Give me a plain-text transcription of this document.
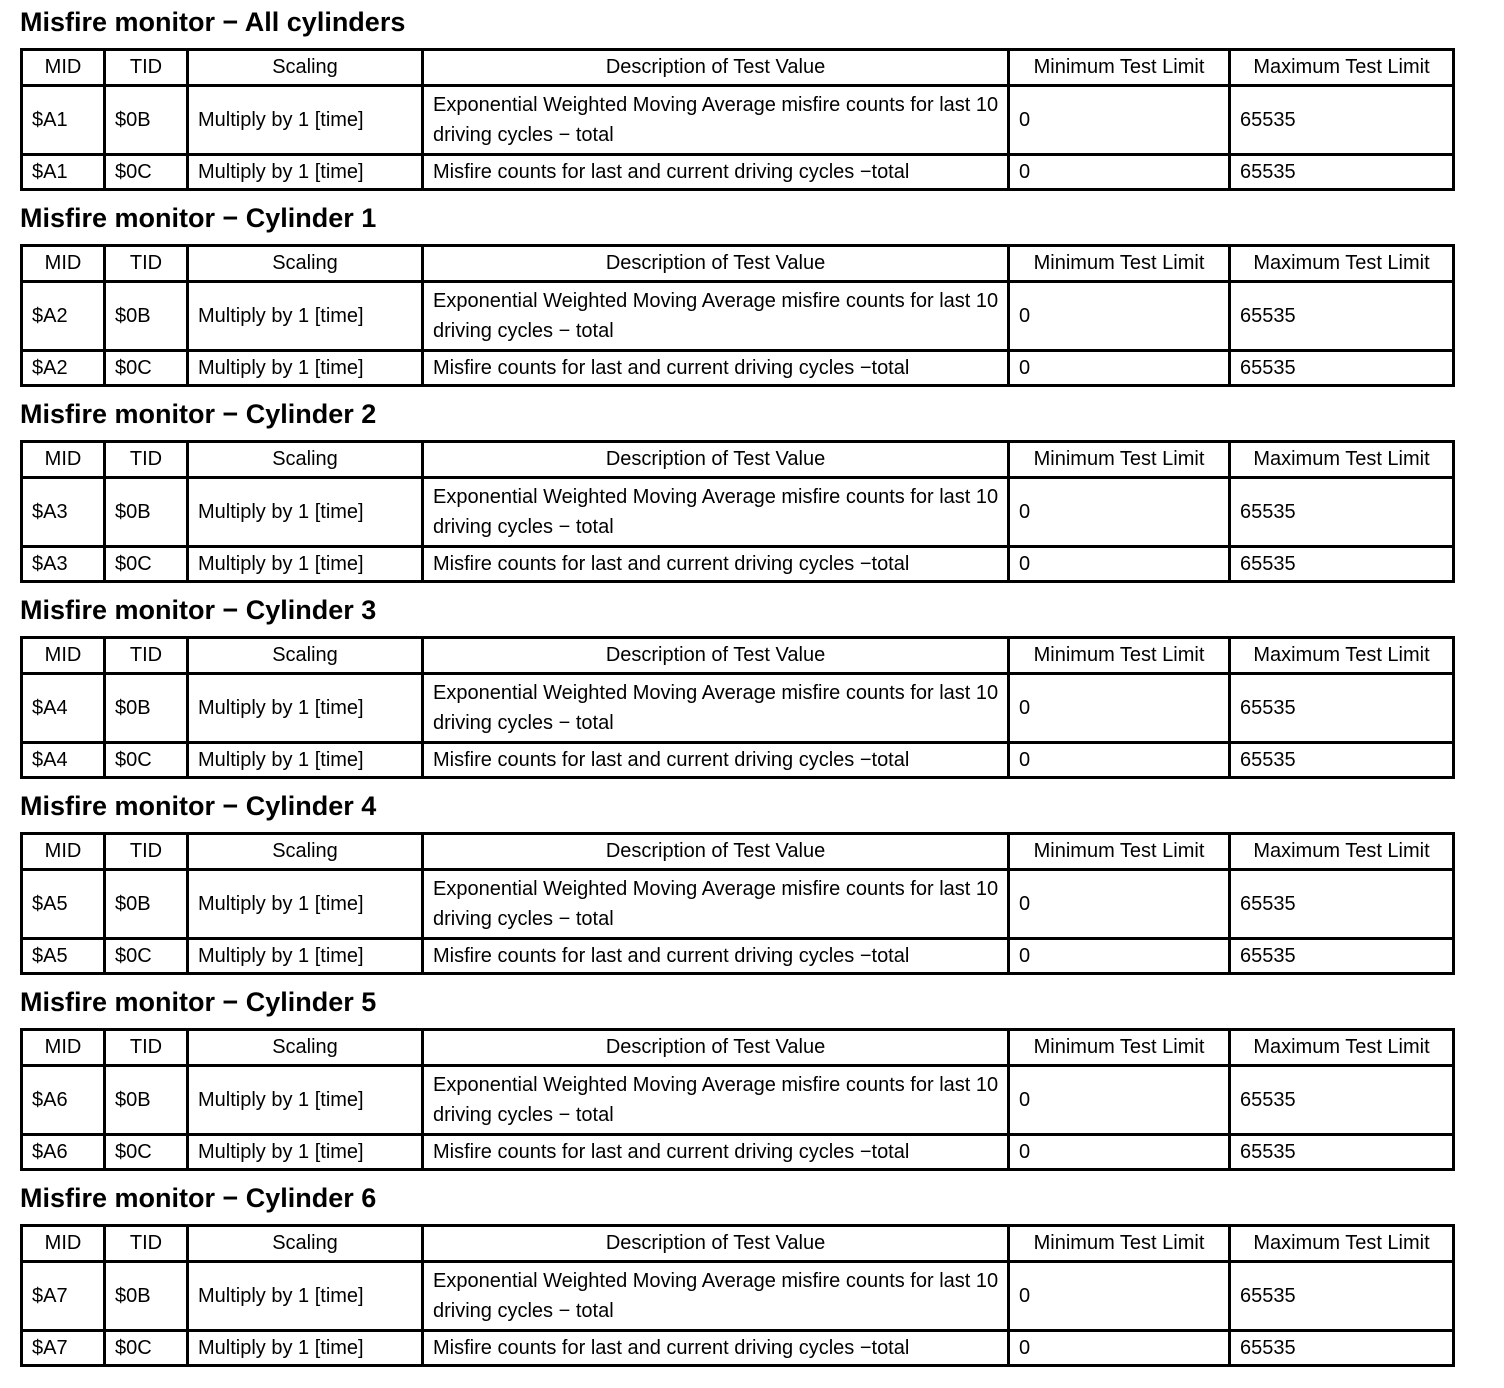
Misfire monitor − All cylinders
MID	TID	Scaling	Description of Test Value	Minimum Test Limit	Maximum Test Limit
$A1	$0B	Multiply by 1 [time]	Exponential Weighted Moving Average misfire counts for last 10 driving cycles − total	0	65535
$A1	$0C	Multiply by 1 [time]	Misfire counts for last and current driving cycles −total	0	65535
Misfire monitor − Cylinder 1
MID	TID	Scaling	Description of Test Value	Minimum Test Limit	Maximum Test Limit
$A2	$0B	Multiply by 1 [time]	Exponential Weighted Moving Average misfire counts for last 10 driving cycles − total	0	65535
$A2	$0C	Multiply by 1 [time]	Misfire counts for last and current driving cycles −total	0	65535
Misfire monitor − Cylinder 2
MID	TID	Scaling	Description of Test Value	Minimum Test Limit	Maximum Test Limit
$A3	$0B	Multiply by 1 [time]	Exponential Weighted Moving Average misfire counts for last 10 driving cycles − total	0	65535
$A3	$0C	Multiply by 1 [time]	Misfire counts for last and current driving cycles −total	0	65535
Misfire monitor − Cylinder 3
MID	TID	Scaling	Description of Test Value	Minimum Test Limit	Maximum Test Limit
$A4	$0B	Multiply by 1 [time]	Exponential Weighted Moving Average misfire counts for last 10 driving cycles − total	0	65535
$A4	$0C	Multiply by 1 [time]	Misfire counts for last and current driving cycles −total	0	65535
Misfire monitor − Cylinder 4
MID	TID	Scaling	Description of Test Value	Minimum Test Limit	Maximum Test Limit
$A5	$0B	Multiply by 1 [time]	Exponential Weighted Moving Average misfire counts for last 10 driving cycles − total	0	65535
$A5	$0C	Multiply by 1 [time]	Misfire counts for last and current driving cycles −total	0	65535
Misfire monitor − Cylinder 5
MID	TID	Scaling	Description of Test Value	Minimum Test Limit	Maximum Test Limit
$A6	$0B	Multiply by 1 [time]	Exponential Weighted Moving Average misfire counts for last 10 driving cycles − total	0	65535
$A6	$0C	Multiply by 1 [time]	Misfire counts for last and current driving cycles −total	0	65535
Misfire monitor − Cylinder 6
MID	TID	Scaling	Description of Test Value	Minimum Test Limit	Maximum Test Limit
$A7	$0B	Multiply by 1 [time]	Exponential Weighted Moving Average misfire counts for last 10 driving cycles − total	0	65535
$A7	$0C	Multiply by 1 [time]	Misfire counts for last and current driving cycles −total	0	65535
